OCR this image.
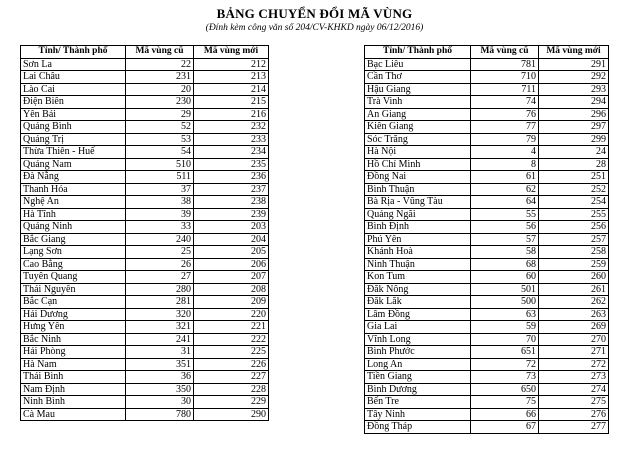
BẢNG CHUYỂN ĐỔI MÃ VÙNG
(Đính kèm công văn số 204/CV-KHKD ngày 06/12/2016)
Tỉnh/ Thành phố	Mã vùng cũ	Mã vùng mới
Sơn La	22	212
Lai Châu	231	213
Lào Cai	20	214
Điện Biên	230	215
Yên Bái	29	216
Quảng Bình	52	232
Quảng Trị	53	233
Thừa Thiên - Huế	54	234
Quảng Nam	510	235
Đà Nẵng	511	236
Thanh Hóa	37	237
Nghệ An	38	238
Hà Tĩnh	39	239
Quảng Ninh	33	203
Bắc Giang	240	204
Lạng Sơn	25	205
Cao Bằng	26	206
Tuyên Quang	27	207
Thái Nguyên	280	208
Bắc Cạn	281	209
Hải Dương	320	220
Hưng Yên	321	221
Bắc Ninh	241	222
Hải Phòng	31	225
Hà Nam	351	226
Thái Bình	36	227
Nam Định	350	228
Ninh Bình	30	229
Cà Mau	780	290
Tỉnh/ Thành phố	Mã vùng cũ	Mã vùng mới
Bạc Liêu	781	291
Cần Thơ	710	292
Hậu Giang	711	293
Trà Vinh	74	294
An Giang	76	296
Kiên Giang	77	297
Sóc Trăng	79	299
Hà Nội	4	24
Hồ Chí Minh	8	28
Đồng Nai	61	251
Bình Thuận	62	252
Bà Rịa - Vũng Tàu	64	254
Quảng Ngãi	55	255
Bình Định	56	256
Phú Yên	57	257
Khánh Hoà	58	258
Ninh Thuận	68	259
Kon Tum	60	260
Đăk Nông	501	261
Đăk Lăk	500	262
Lâm Đồng	63	263
Gia Lai	59	269
Vĩnh Long	70	270
Bình Phước	651	271
Long An	72	272
Tiền Giang	73	273
Bình Dương	650	274
Bến Tre	75	275
Tây Ninh	66	276
Đồng Tháp	67	277
